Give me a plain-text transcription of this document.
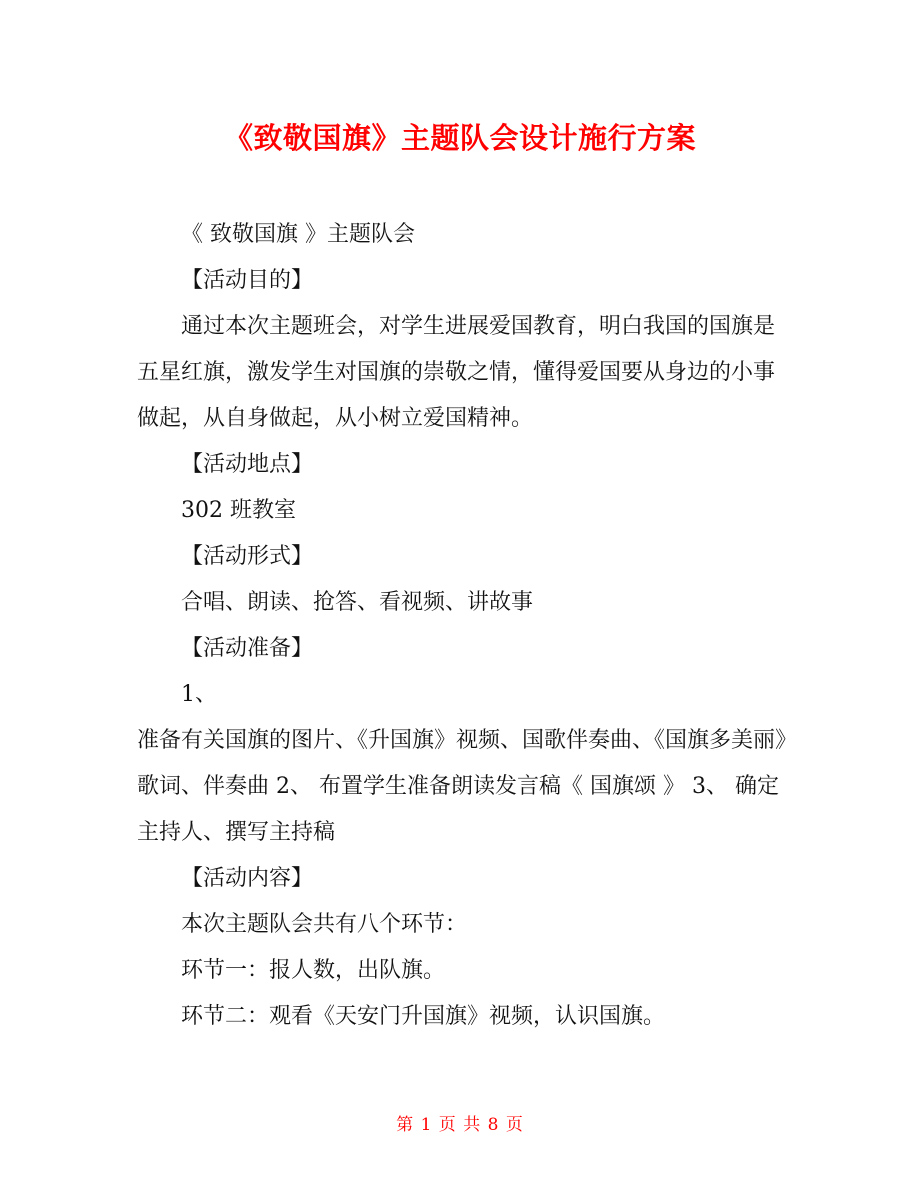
《致敬国旗》主题队会设计施行方案

《 致敬国旗 》主题队会

【活动目的】

通过本次主题班会，对学生进展爱国教育，明白我国的国旗是五星红旗，激发学生对国旗的崇敬之情，懂得爱国要从身边的小事做起，从自身做起，从小树立爱国精神。

【活动地点】

302 班教室

【活动形式】

合唱、朗读、抢答、看视频、讲故事

【活动准备】

1、

准备有关国旗的图片、《升国旗》视频、国歌伴奏曲、《国旗多美丽》歌词、伴奏曲 2、 布置学生准备朗读发言稿《 国旗颂 》 3、 确定主持人、撰写主持稿

【活动内容】

本次主题队会共有八个环节：

环节一：报人数，出队旗。

环节二：观看《天安门升国旗》视频，认识国旗。

第 1 页 共 8 页
